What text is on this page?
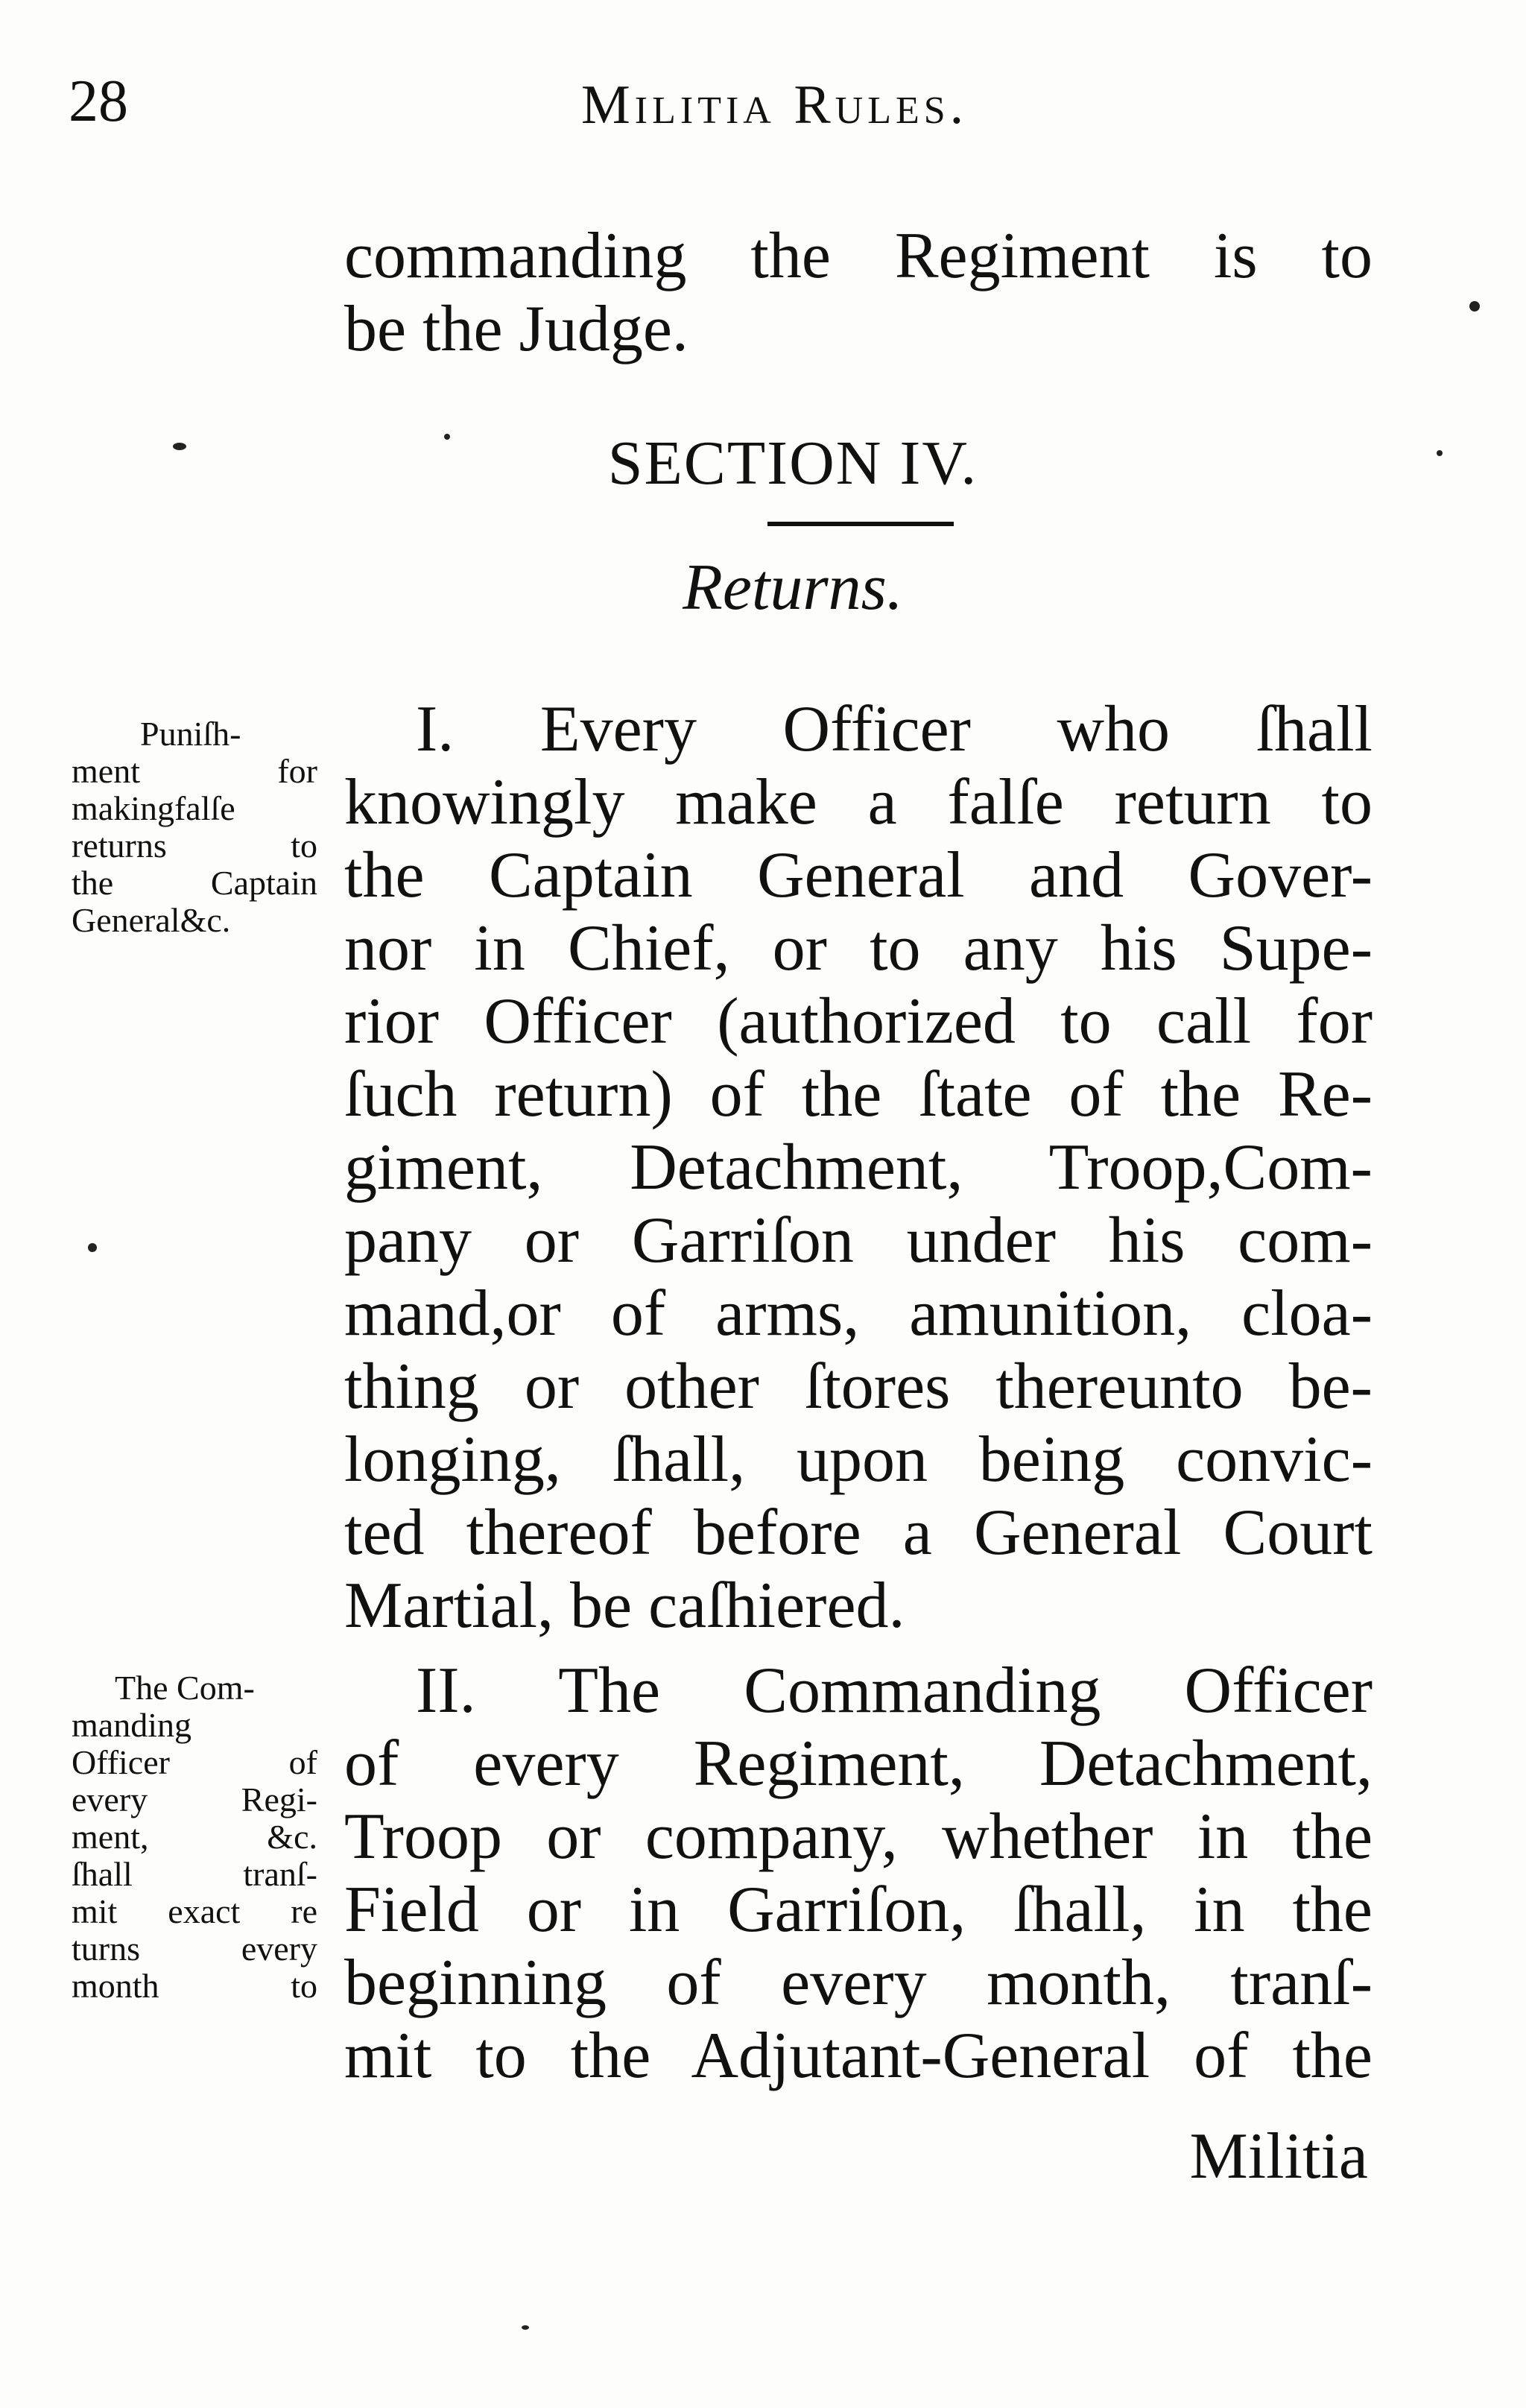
28	Militia Rules.
commanding the Regiment is to
be the Judge.
SECTION IV.
Returns.
I. Every Officer who ſhall
knowingly make a falſe return to
the Captain General and Gover-
nor in Chief, or to any his Supe-
rior Officer (authorized to call for
ſuch return) of the ſtate of the Re-
giment, Detachment, Troop,Com-
pany or Garriſon under his com-
mand,or of arms, amunition, cloa-
thing or other ſtores thereunto be-
longing, ſhall, upon being convic-
ted thereof before a General Court
Martial, be caſhiered.
II. The Commanding Officer
of every Regiment, Detachment,
Troop or company, whether in the
Field or in Garriſon, ſhall, in the
beginning of every month, tranſ-
mit to the Adjutant-General of the
Militia
Puniſh-
ment for
makingfalſe
returns to
the Captain
General&c.
The Com-
manding
Officer of
every Regi-
ment, &c.
ſhall tranſ-
mit exact re
turns every
month to
